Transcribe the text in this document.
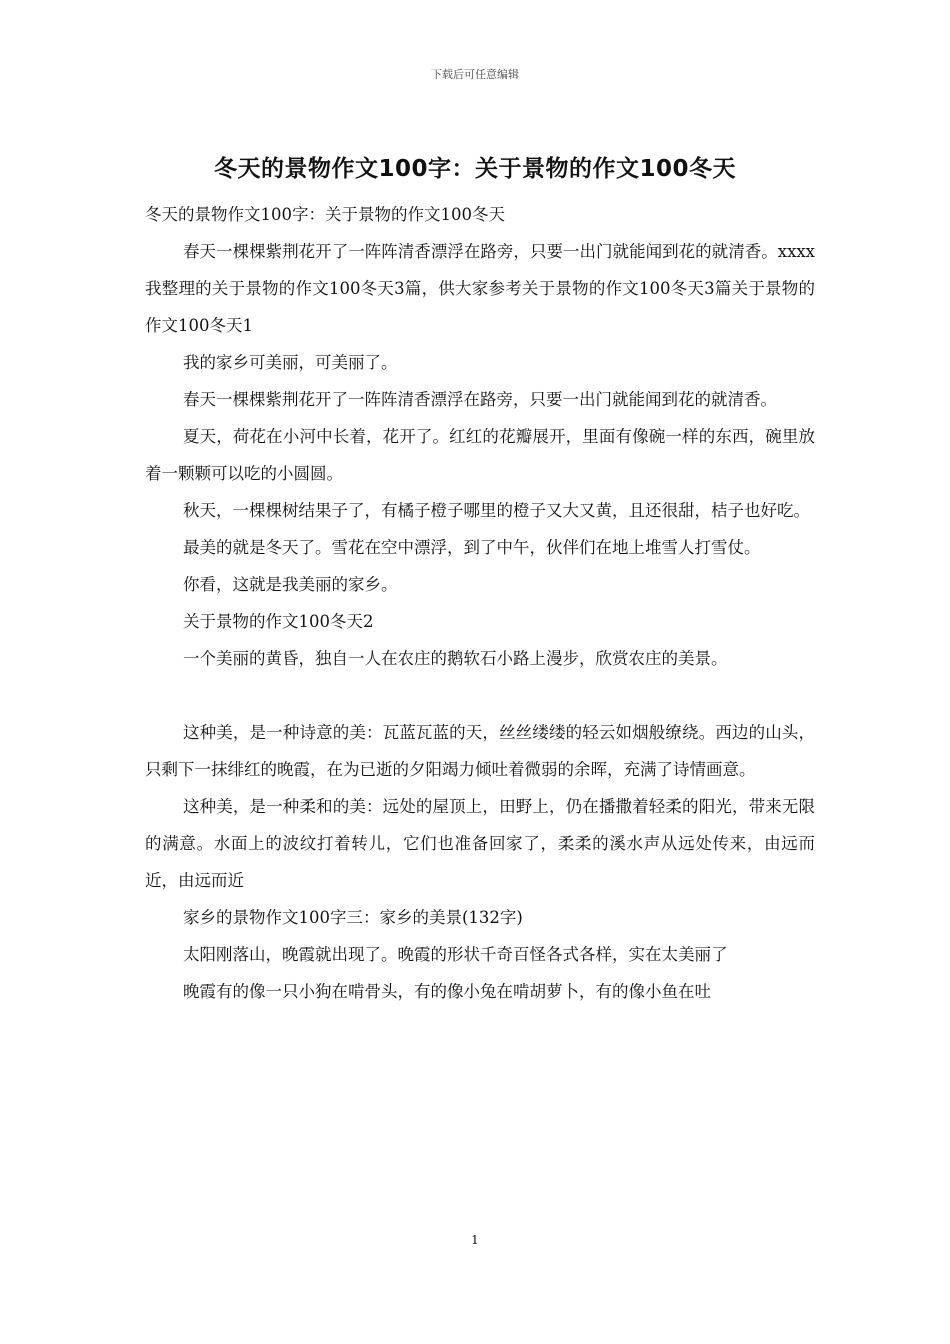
下载后可任意编辑
冬天的景物作文100字：关于景物的作文100冬天

冬天的景物作文100字：关于景物的作文100冬天

春天一棵棵紫荆花开了一阵阵清香漂浮在路旁，只要一出门就能闻到花的就清香。xxxx我整理的关于景物的作文100冬天3篇，供大家参考关于景物的作文100冬天3篇关于景物的作文100冬天1

我的家乡可美丽，可美丽了。

春天一棵棵紫荆花开了一阵阵清香漂浮在路旁，只要一出门就能闻到花的就清香。

夏天，荷花在小河中长着，花开了。红红的花瓣展开，里面有像碗一样的东西，碗里放着一颗颗可以吃的小圆圆。

秋天，一棵棵树结果子了，有橘子橙子哪里的橙子又大又黄，且还很甜，桔子也好吃。

最美的就是冬天了。雪花在空中漂浮，到了中午，伙伴们在地上堆雪人打雪仗。

你看，这就是我美丽的家乡。

关于景物的作文100冬天2

一个美丽的黄昏，独自一人在农庄的鹅软石小路上漫步，欣赏农庄的美景。

这种美，是一种诗意的美：瓦蓝瓦蓝的天，丝丝缕缕的轻云如烟般缭绕。西边的山头，只剩下一抹绯红的晚霞，在为已逝的夕阳竭力倾吐着微弱的余晖，充满了诗情画意。

这种美，是一种柔和的美：远处的屋顶上，田野上，仍在播撒着轻柔的阳光，带来无限的满意。水面上的波纹打着转儿，它们也准备回家了，柔柔的溪水声从远处传来，由远而近，由远而近

家乡的景物作文100字三：家乡的美景(132字)

太阳刚落山，晚霞就出现了。晚霞的形状千奇百怪各式各样，实在太美丽了

晚霞有的像一只小狗在啃骨头，有的像小兔在啃胡萝卜，有的像小鱼在吐

1
